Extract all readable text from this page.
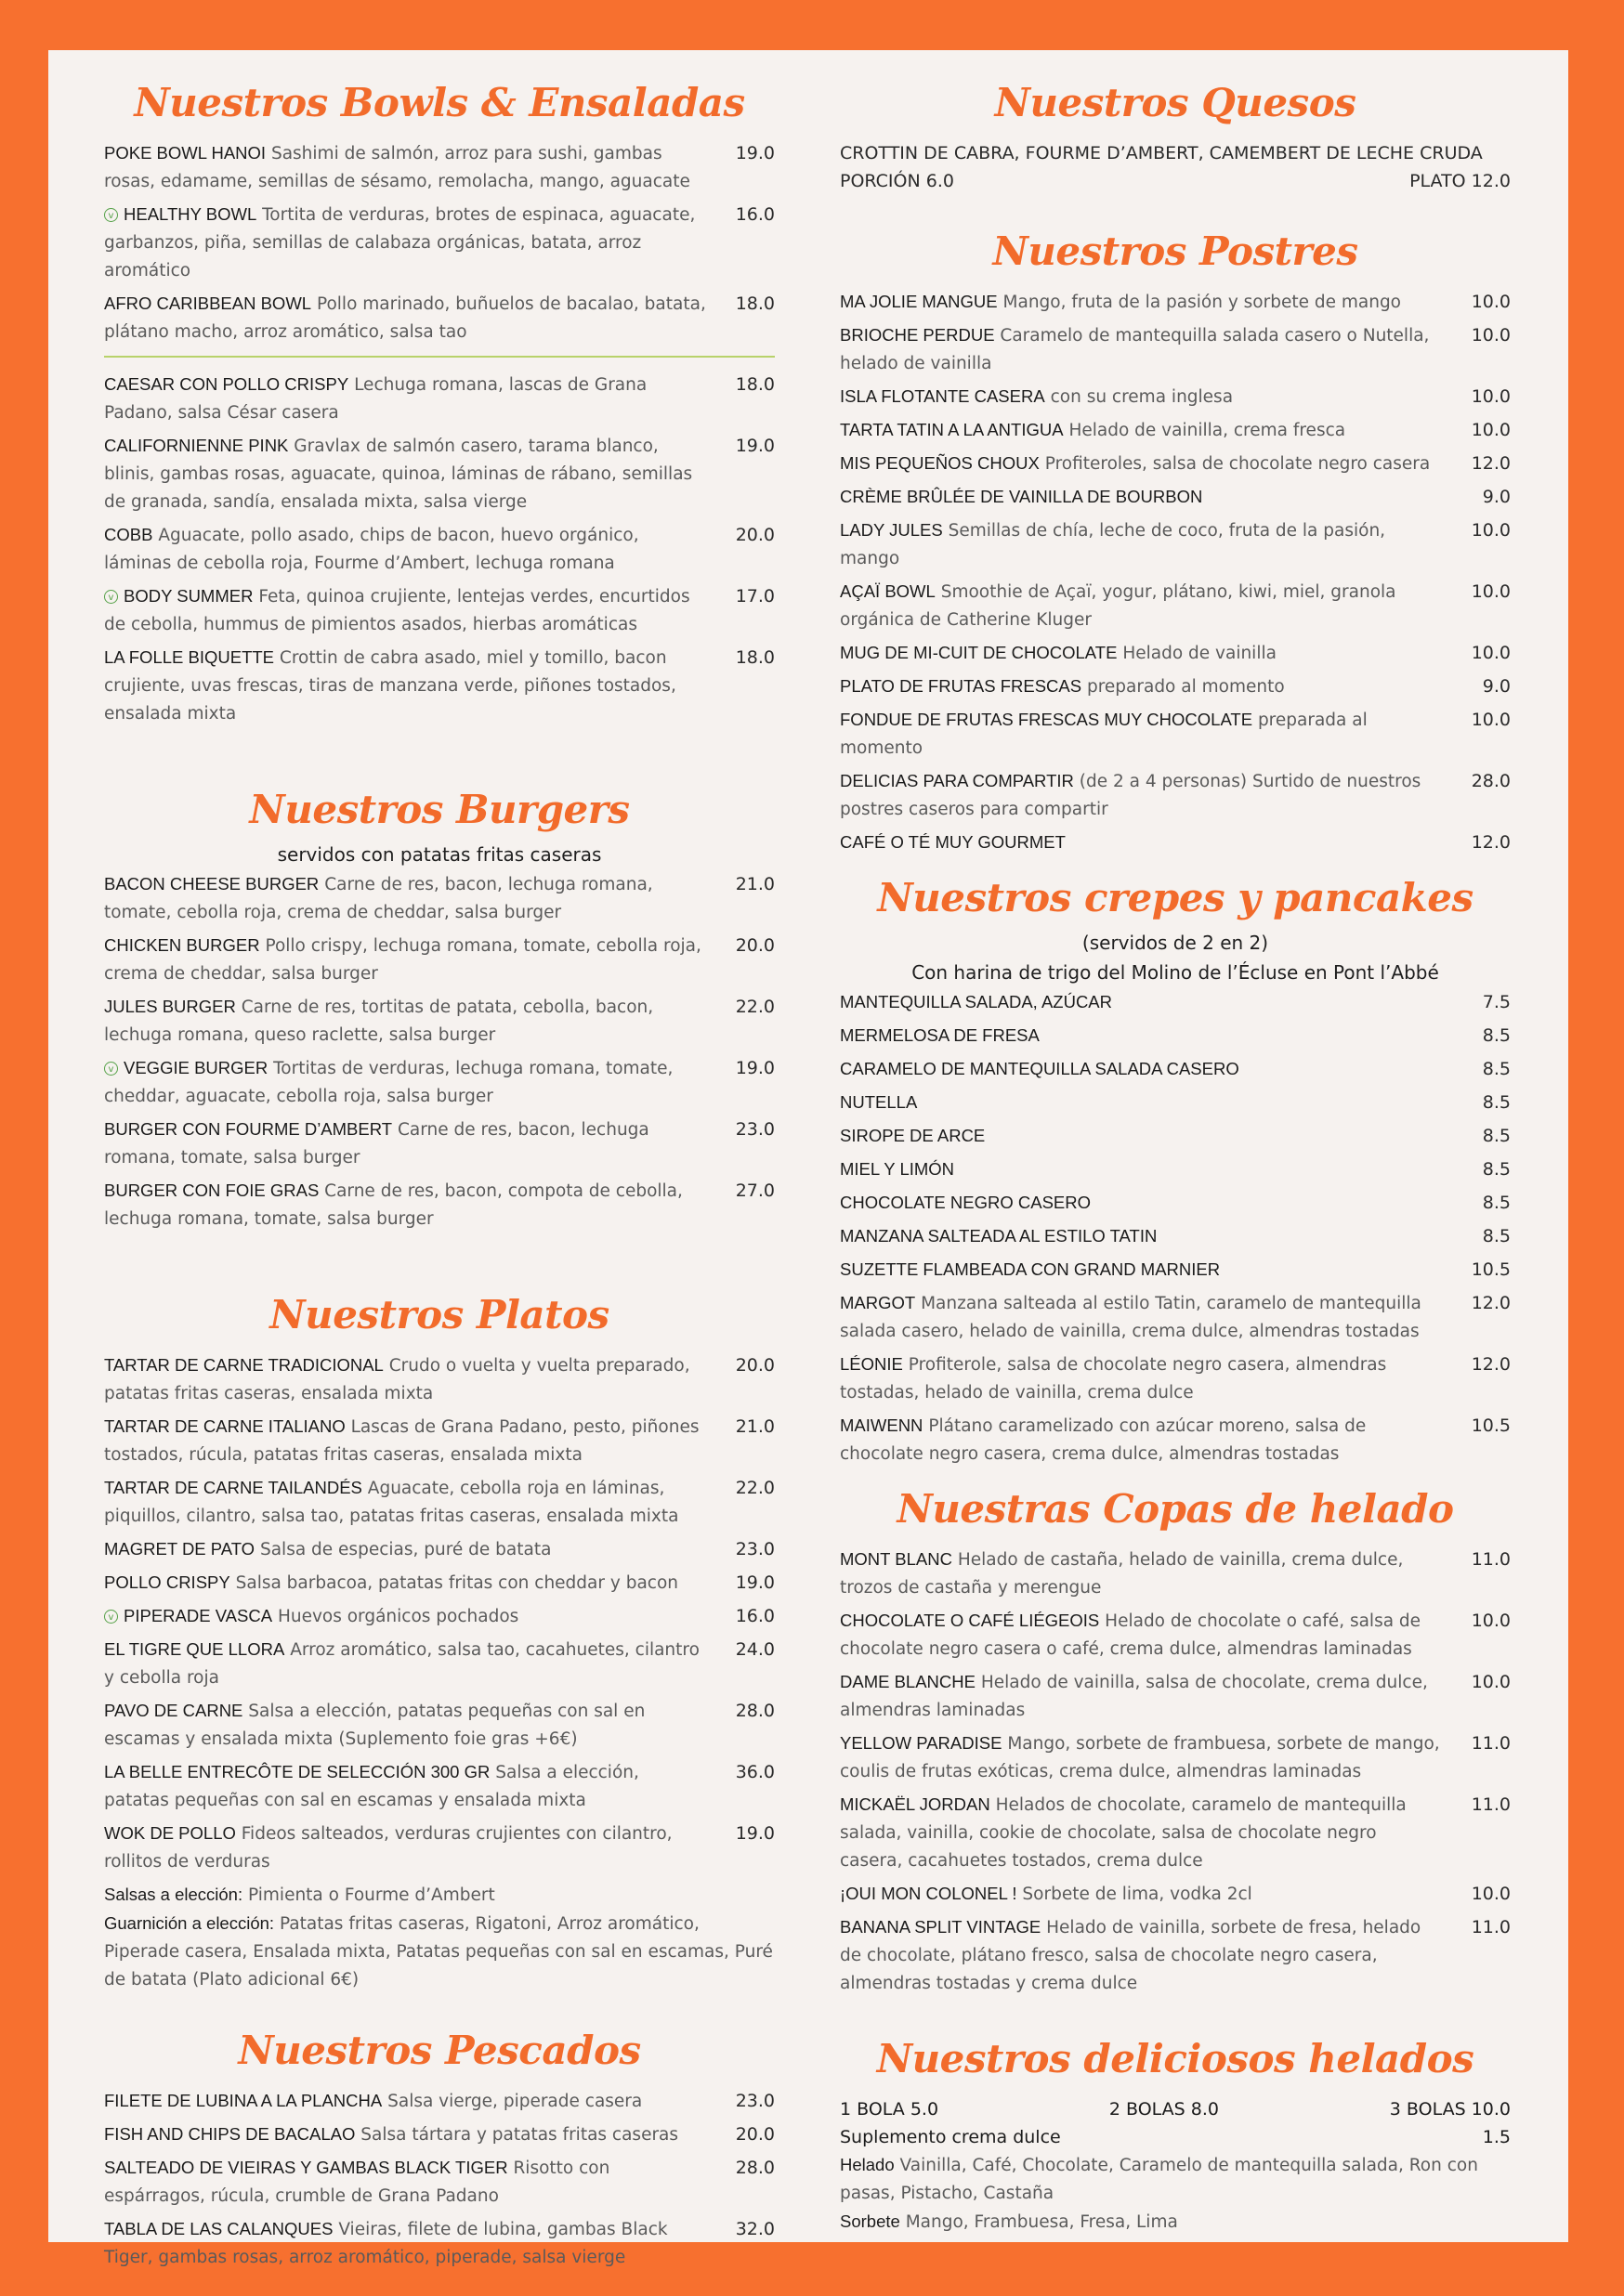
Nuestros Bowls & Ensaladas
POKE BOWL HANOI Sashimi de salmón, arroz para sushi, gambas rosas, edamame, semillas de sésamo, remolacha, mango, aguacate
19.0
v HEALTHY BOWL Tortita de verduras, brotes de espinaca, aguacate, garbanzos, piña, semillas de calabaza orgánicas, batata, arroz aromático
16.0
AFRO CARIBBEAN BOWL Pollo marinado, buñuelos de bacalao, batata, plátano macho, arroz aromático, salsa tao
18.0
CAESAR CON POLLO CRISPY Lechuga romana, lascas de Grana Padano, salsa César casera
18.0
CALIFORNIENNE PINK Gravlax de salmón casero, tarama blanco, blinis, gambas rosas, aguacate, quinoa, láminas de rábano, semillas de granada, sandía, ensalada mixta, salsa vierge
19.0
COBB Aguacate, pollo asado, chips de bacon, huevo orgánico, láminas de cebolla roja, Fourme d’Ambert, lechuga romana
20.0
v BODY SUMMER Feta, quinoa crujiente, lentejas verdes, encurtidos de cebolla, hummus de pimientos asados, hierbas aromáticas
17.0
LA FOLLE BIQUETTE Crottin de cabra asado, miel y tomillo, bacon crujiente, uvas frescas, tiras de manzana verde, piñones tostados, ensalada mixta
18.0
Nuestros Burgers
servidos con patatas fritas caseras
BACON CHEESE BURGER Carne de res, bacon, lechuga romana, tomate, cebolla roja, crema de cheddar, salsa burger
21.0
CHICKEN BURGER Pollo crispy, lechuga romana, tomate, cebolla roja, crema de cheddar, salsa burger
20.0
JULES BURGER Carne de res, tortitas de patata, cebolla, bacon, lechuga romana, queso raclette, salsa burger
22.0
v VEGGIE BURGER Tortitas de verduras, lechuga romana, tomate, cheddar, aguacate, cebolla roja, salsa burger
19.0
BURGER CON FOURME D’AMBERT Carne de res, bacon, lechuga romana, tomate, salsa burger
23.0
BURGER CON FOIE GRAS Carne de res, bacon, compota de cebolla, lechuga romana, tomate, salsa burger
27.0
Nuestros Platos
TARTAR DE CARNE TRADICIONAL Crudo o vuelta y vuelta preparado, patatas fritas caseras, ensalada mixta
20.0
TARTAR DE CARNE ITALIANO Lascas de Grana Padano, pesto, piñones tostados, rúcula, patatas fritas caseras, ensalada mixta
21.0
TARTAR DE CARNE TAILANDÉS Aguacate, cebolla roja en láminas, piquillos, cilantro, salsa tao, patatas fritas caseras, ensalada mixta
22.0
MAGRET DE PATO Salsa de especias, puré de batata	23.0
POLLO CRISPY Salsa barbacoa, patatas fritas con cheddar y bacon	19.0
v PIPERADE VASCA Huevos orgánicos pochados	16.0
EL TIGRE QUE LLORA Arroz aromático, salsa tao, cacahuetes, cilantro y cebolla roja
24.0
PAVO DE CARNE Salsa a elección, patatas pequeñas con sal en escamas y ensalada mixta (Suplemento foie gras +6€)
28.0
LA BELLE ENTRECÔTE DE SELECCIÓN 300 GR Salsa a elección, patatas pequeñas con sal en escamas y ensalada mixta
36.0
WOK DE POLLO Fideos salteados, verduras crujientes con cilantro, rollitos de verduras
19.0
Salsas a elección: Pimienta o Fourme d’Ambert
Guarnición a elección: Patatas fritas caseras, Rigatoni, Arroz aromático, Piperade casera, Ensalada mixta, Patatas pequeñas con sal en escamas, Puré de batata (Plato adicional 6€)
Nuestros Pescados
FILETE DE LUBINA A LA PLANCHA Salsa vierge, piperade casera	23.0
FISH AND CHIPS DE BACALAO Salsa tártara y patatas fritas caseras	20.0
SALTEADO DE VIEIRAS Y GAMBAS BLACK TIGER Risotto con espárragos, rúcula, crumble de Grana Padano
28.0
TABLA DE LAS CALANQUES Vieiras, filete de lubina, gambas Black Tiger, gambas rosas, arroz aromático, piperade, salsa vierge
32.0
Nuestros Quesos
CROTTIN DE CABRA, FOURME D’AMBERT, CAMEMBERT DE LECHE CRUDA
PORCIÓN 6.0	PLATO 12.0
Nuestros Postres
MA JOLIE MANGUE Mango, fruta de la pasión y sorbete de mango	10.0
BRIOCHE PERDUE Caramelo de mantequilla salada casero o Nutella, helado de vainilla
10.0
ISLA FLOTANTE CASERA con su crema inglesa	10.0
TARTA TATIN A LA ANTIGUA Helado de vainilla, crema fresca	10.0
MIS PEQUEÑOS CHOUX Profiteroles, salsa de chocolate negro casera 12.0
CRÈME BRÛLÉE DE VAINILLA DE BOURBON	9.0
LADY JULES Semillas de chía, leche de coco, fruta de la pasión, mango
10.0
AÇAÏ BOWL Smoothie de Açaï, yogur, plátano, kiwi, miel, granola orgánica de Catherine Kluger
10.0
MUG DE MI-CUIT DE CHOCOLATE Helado de vainilla	10.0
PLATO DE FRUTAS FRESCAS preparado al momento	9.0
FONDUE DE FRUTAS FRESCAS MUY CHOCOLATE preparada al momento
10.0
DELICIAS PARA COMPARTIR (de 2 a 4 personas) Surtido de nuestros postres caseros para compartir
28.0
CAFÉ O TÉ MUY GOURMET	12.0
Nuestros crepes y pancakes
(servidos de 2 en 2)
Con harina de trigo del Molino de l’Écluse en Pont l’Abbé
MANTEQUILLA SALADA, AZÚCAR	7.5
MERMELOSA DE FRESA	8.5
CARAMELO DE MANTEQUILLA SALADA CASERO	8.5
NUTELLA	8.5
SIROPE DE ARCE	8.5
MIEL Y LIMÓN	8.5
CHOCOLATE NEGRO CASERO	8.5
MANZANA SALTEADA AL ESTILO TATIN	8.5
SUZETTE FLAMBEADA CON GRAND MARNIER	10.5
MARGOT Manzana salteada al estilo Tatin, caramelo de mantequilla salada casero, helado de vainilla, crema dulce, almendras tostadas
12.0
LÉONIE Profiterole, salsa de chocolate negro casera, almendras tostadas, helado de vainilla, crema dulce
12.0
MAIWENN Plátano caramelizado con azúcar moreno, salsa de chocolate negro casera, crema dulce, almendras tostadas
10.5
Nuestras Copas de helado
MONT BLANC Helado de castaña, helado de vainilla, crema dulce, trozos de castaña y merengue
11.0
CHOCOLATE O CAFÉ LIÉGEOIS Helado de chocolate o café, salsa de chocolate negro casera o café, crema dulce, almendras laminadas
10.0
DAME BLANCHE Helado de vainilla, salsa de chocolate, crema dulce, almendras laminadas
10.0
YELLOW PARADISE Mango, sorbete de frambuesa, sorbete de mango, coulis de frutas exóticas, crema dulce, almendras laminadas
11.0
MICKAËL JORDAN Helados de chocolate, caramelo de mantequilla salada, vainilla, cookie de chocolate, salsa de chocolate negro casera, cacahuetes tostados, crema dulce
11.0
¡OUI MON COLONEL ! Sorbete de lima, vodka 2cl	10.0
BANANA SPLIT VINTAGE Helado de vainilla, sorbete de fresa, helado de chocolate, plátano fresco, salsa de chocolate negro casera, almendras tostadas y crema dulce
11.0
Nuestros deliciosos helados
1 BOLA 5.0	2 BOLAS 8.0	3 BOLAS 10.0
Suplemento crema dulce	1.5
Helado Vainilla, Café, Chocolate, Caramelo de mantequilla salada, Ron con pasas, Pistacho, Castaña
Sorbete Mango, Frambuesa, Fresa, Lima
